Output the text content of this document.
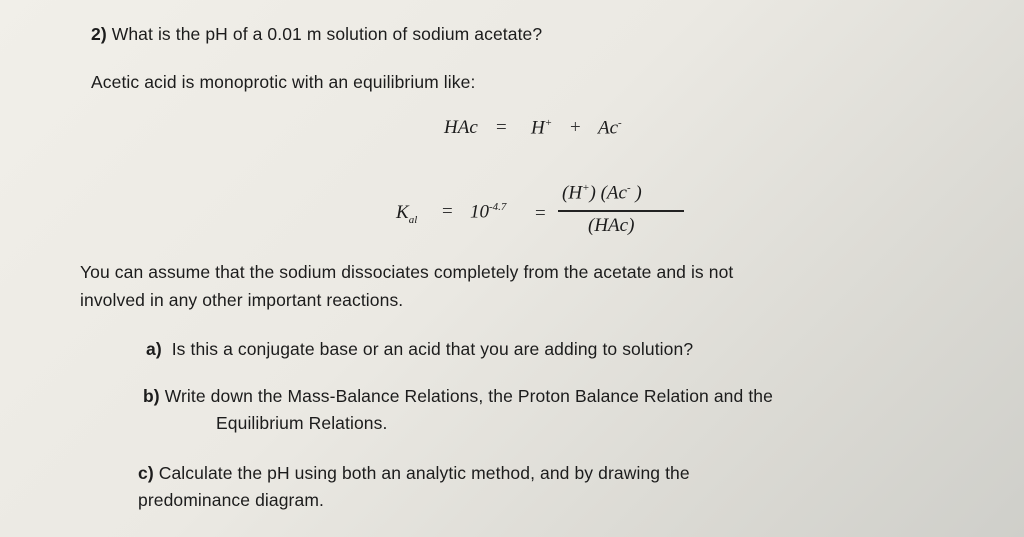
2) What is the pH of a 0.01 m solution of sodium acetate?
Acetic acid is monoprotic with an equilibrium like:
HAc = H+ + Ac-
$K_{al} = 10^{-4.7}$ =
(H+) (Ac- )
(HAc)
You can assume that the sodium dissociates completely from the acetate and is not
involved in any other important reactions.
a) Is this a conjugate base or an acid that you are adding to solution?
b) Write down the Mass-Balance Relations, the Proton Balance Relation and the
Equilibrium Relations.
c) Calculate the pH using both an analytic method, and by drawing the
predominance diagram.
